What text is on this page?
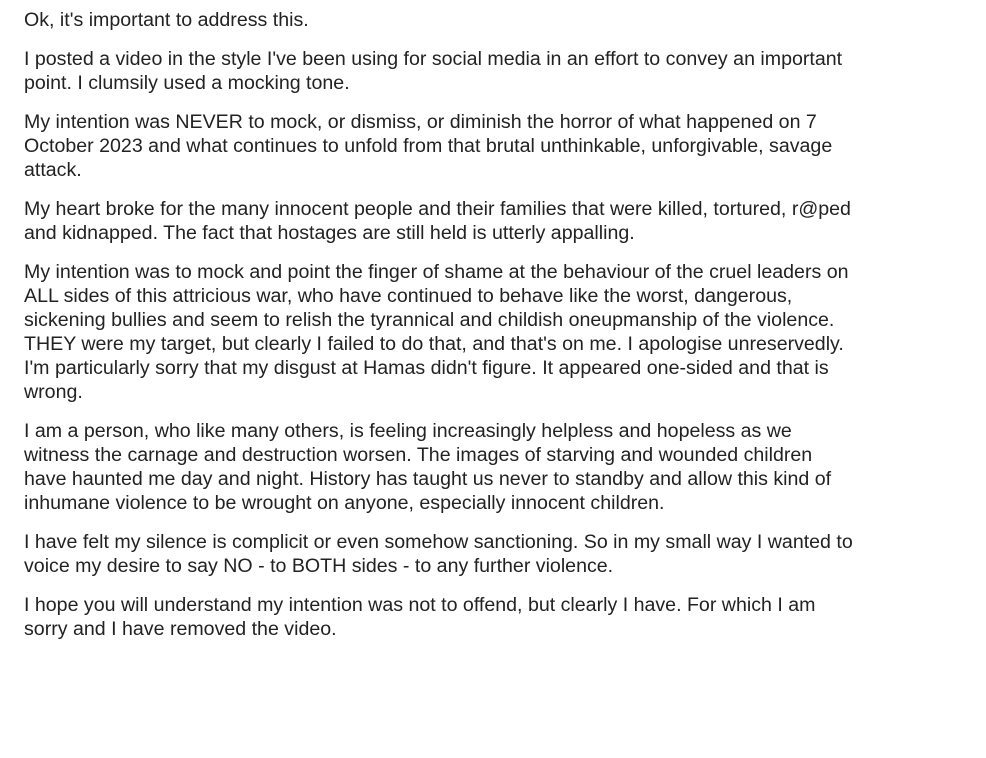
Ok, it's important to address this.

I posted a video in the style I've been using for social media in an effort to convey an important
point. I clumsily used a mocking tone.

My intention was NEVER to mock, or dismiss, or diminish the horror of what happened on 7
October 2023 and what continues to unfold from that brutal unthinkable, unforgivable, savage
attack.

My heart broke for the many innocent people and their families that were killed, tortured, r@ped
and kidnapped. The fact that hostages are still held is utterly appalling.

My intention was to mock and point the finger of shame at the behaviour of the cruel leaders on
ALL sides of this attricious war, who have continued to behave like the worst, dangerous,
sickening bullies and seem to relish the tyrannical and childish oneupmanship of the violence.
THEY were my target, but clearly I failed to do that, and that's on me. I apologise unreservedly.
I'm particularly sorry that my disgust at Hamas didn't figure. It appeared one-sided and that is
wrong.

I am a person, who like many others, is feeling increasingly helpless and hopeless as we
witness the carnage and destruction worsen. The images of starving and wounded children
have haunted me day and night. History has taught us never to standby and allow this kind of
inhumane violence to be wrought on anyone, especially innocent children.

I have felt my silence is complicit or even somehow sanctioning. So in my small way I wanted to
voice my desire to say NO - to BOTH sides - to any further violence.

I hope you will understand my intention was not to offend, but clearly I have. For which I am
sorry and I have removed the video.
